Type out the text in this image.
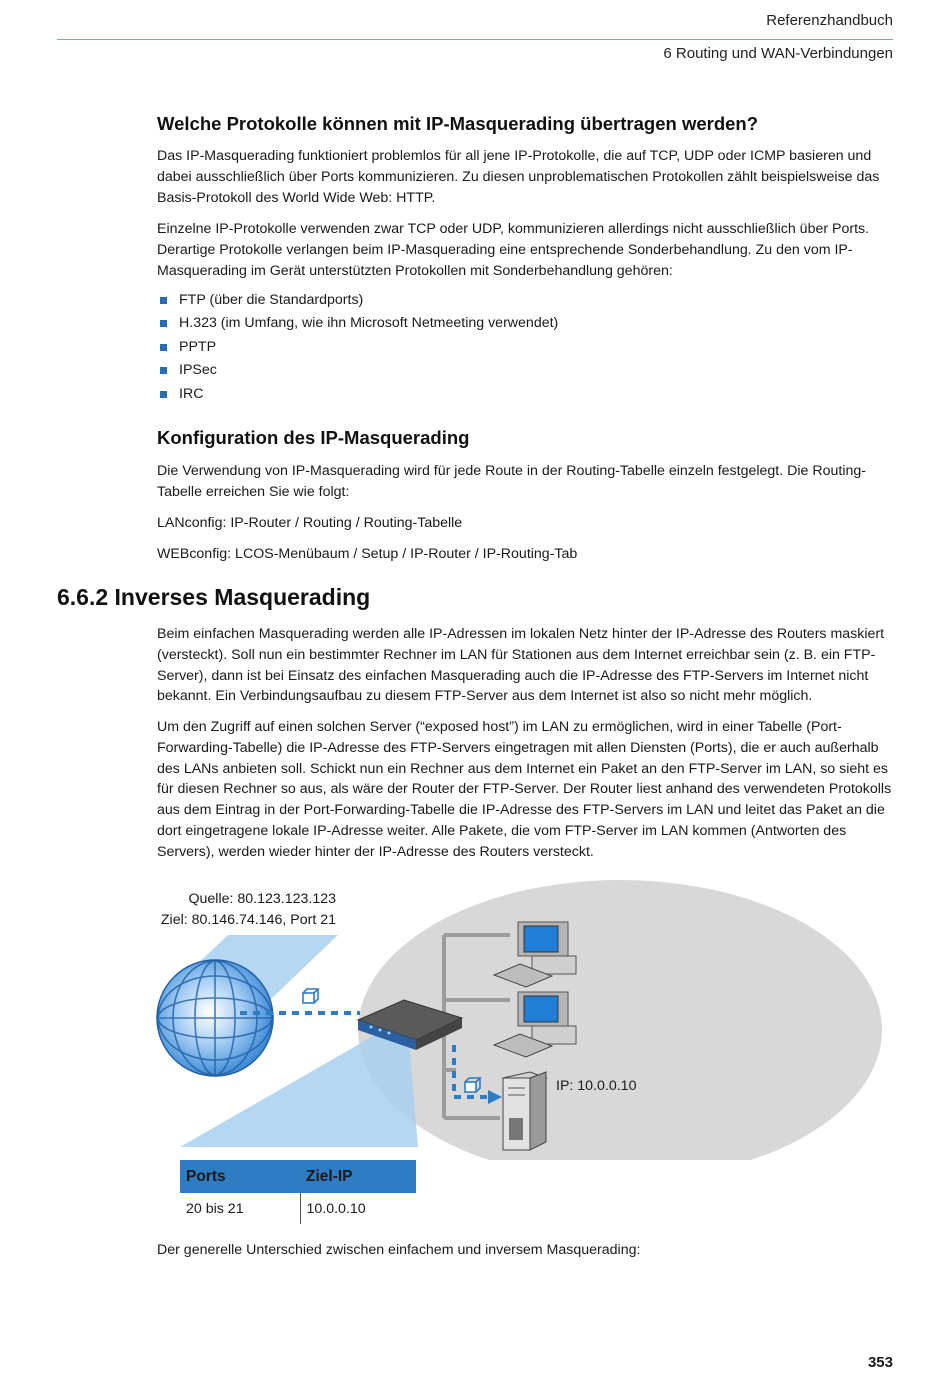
Referenzhandbuch
6 Routing und WAN-Verbindungen
Welche Protokolle können mit IP-Masquerading übertragen werden?
Das IP-Masquerading funktioniert problemlos für all jene IP-Protokolle, die auf TCP, UDP oder ICMP basieren und dabei ausschließlich über Ports kommunizieren. Zu diesen unproblematischen Protokollen zählt beispielsweise das Basis-Protokoll des World Wide Web: HTTP.
Einzelne IP-Protokolle verwenden zwar TCP oder UDP, kommunizieren allerdings nicht ausschließlich über Ports. Derartige Protokolle verlangen beim IP-Masquerading eine entsprechende Sonderbehandlung. Zu den vom IP-Masquerading im Gerät unterstützten Protokollen mit Sonderbehandlung gehören:
FTP (über die Standardports)
H.323 (im Umfang, wie ihn Microsoft Netmeeting verwendet)
PPTP
IPSec
IRC
Konfiguration des IP-Masquerading
Die Verwendung von IP-Masquerading wird für jede Route in der Routing-Tabelle einzeln festgelegt. Die Routing-Tabelle erreichen Sie wie folgt:
LANconfig: IP-Router / Routing / Routing-Tabelle
WEBconfig: LCOS-Menübaum / Setup / IP-Router / IP-Routing-Tab
6.6.2 Inverses Masquerading
Beim einfachen Masquerading werden alle IP-Adressen im lokalen Netz hinter der IP-Adresse des Routers maskiert (versteckt). Soll nun ein bestimmter Rechner im LAN für Stationen aus dem Internet erreichbar sein (z. B. ein FTP-Server), dann ist bei Einsatz des einfachen Masquerading auch die IP-Adresse des FTP-Servers im Internet nicht bekannt. Ein Verbindungsaufbau zu diesem FTP-Server aus dem Internet ist also so nicht mehr möglich.
Um den Zugriff auf einen solchen Server (“exposed host”) im LAN zu ermöglichen, wird in einer Tabelle (Port-Forwarding-Tabelle) die IP-Adresse des FTP-Servers eingetragen mit allen Diensten (Ports), die er auch außerhalb des LANs anbieten soll. Schickt nun ein Rechner aus dem Internet ein Paket an den FTP-Server im LAN, so sieht es für diesen Rechner so aus, als wäre der Router der FTP-Server. Der Router liest anhand des verwendeten Protokolls aus dem Eintrag in der Port-Forwarding-Tabelle die IP-Adresse des FTP-Servers im LAN und leitet das Paket an die dort eingetragene lokale IP-Adresse weiter. Alle Pakete, die vom FTP-Server im LAN kommen (Antworten des Servers), werden wieder hinter der IP-Adresse des Routers versteckt.
Quelle: 80.123.123.123
Ziel: 80.146.74.146, Port 21
IP: 10.0.0.10
Ports	Ziel-IP
20 bis 21	10.0.0.10
Der generelle Unterschied zwischen einfachem und inversem Masquerading:
353
